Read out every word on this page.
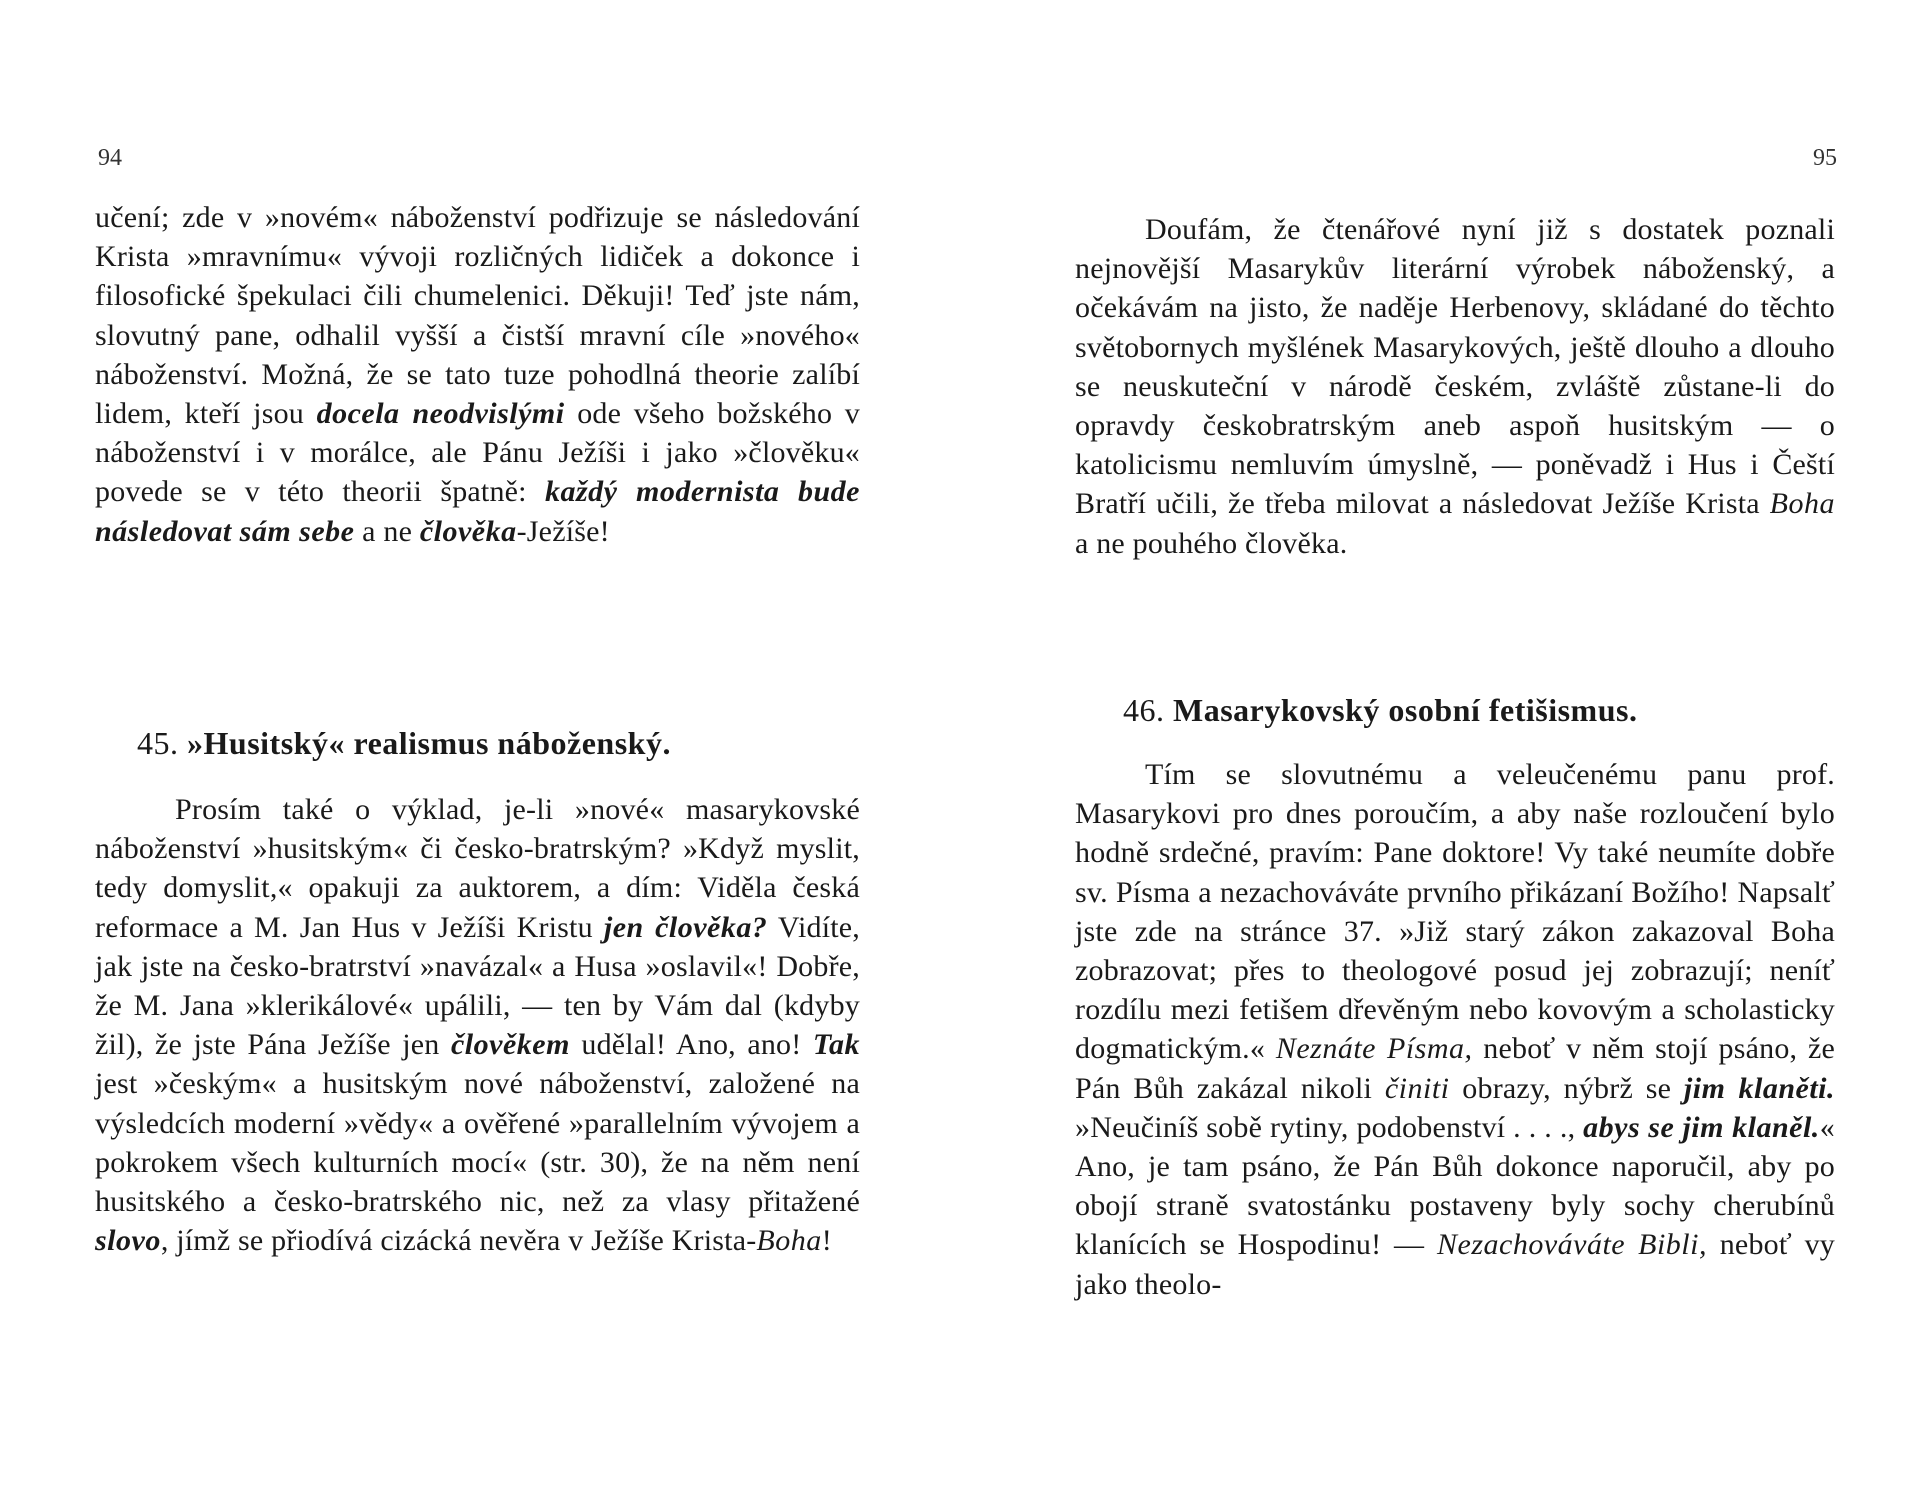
94

učení; zde v »novém« náboženství podřizuje se následování Krista »mravnímu« vývoji rozličných lidiček a dokonce i filosofické špekulaci čili chumelenici. Děkuji! Teď jste nám, slovutný pane, odhalil vyšší a čistší mravní cíle »nového« náboženství. Možná, že se tato tuze pohodlná theorie zalíbí lidem, kteří jsou docela neodvislými ode všeho božského v náboženství i v morálce, ale Pánu Ježíši i jako »člověku« povede se v této theorii špatně: každý modernista bude následovat sám sebe a ne člověka-Ježíše!

45. »Husitský« realismus náboženský.

Prosím také o výklad, je-li »nové« masarykovské náboženství »husitským« či česko-bratrským? »Když myslit, tedy domyslit,« opakuji za auktorem, a dím: Viděla česká reformace a M. Jan Hus v Ježíši Kristu jen člověka? Vidíte, jak jste na česko-bratrství »navázal« a Husa »oslavil«! Dobře, že M. Jana »klerikálové« upálili, — ten by Vám dal (kdyby žil), že jste Pána Ježíše jen člověkem udělal! Ano, ano! Tak jest »českým« a husitským nové náboženství, založené na výsledcích moderní »vědy« a ověřené »parallelním vývojem a pokrokem všech kulturních mocí« (str. 30), že na něm není husitského a česko-bratrského nic, než za vlasy přitažené slovo, jímž se přiodívá cizácká nevěra v Ježíše Krista-Boha!

95

Doufám, že čtenářové nyní již s dostatek poznali nejnovější Masarykův literární výrobek náboženský, a očekávám na jisto, že naděje Herbenovy, skládané do těchto světobornych myšlének Masarykových, ještě dlouho a dlouho se neuskuteční v národě českém, zvláště zůstane-li do opravdy českobratrským aneb aspoň husitským — o katolicismu nemluvím úmyslně, — poněvadž i Hus i Čeští Bratří učili, že třeba milovat a následovat Ježíše Krista Boha a ne pouhého člověka.

46. Masarykovský osobní fetišismus.

Tím se slovutnému a veleučenému panu prof. Masarykovi pro dnes poroučím, a aby naše rozloučení bylo hodně srdečné, pravím: Pane doktore! Vy také neumíte dobře sv. Písma a nezachováváte prvního přikázaní Božího! Napsalť jste zde na stránce 37. »Již starý zákon zakazoval Boha zobrazovat; přes to theologové posud jej zobrazují; neníť rozdílu mezi fetišem dřevěným nebo kovovým a scholasticky dogmatickým.« Neznáte Písma, neboť v něm stojí psáno, že Pán Bůh zakázal nikoli činiti obrazy, nýbrž se jim klaněti. »Neučiníš sobě rytiny, podobenství . . . ., abys se jim klaněl.« Ano, je tam psáno, že Pán Bůh dokonce naporučil, aby po obojí straně svatostánku postaveny byly sochy cherubínů klanících se Hospodinu! — Nezachováváte Bibli, neboť vy jako theolo-
